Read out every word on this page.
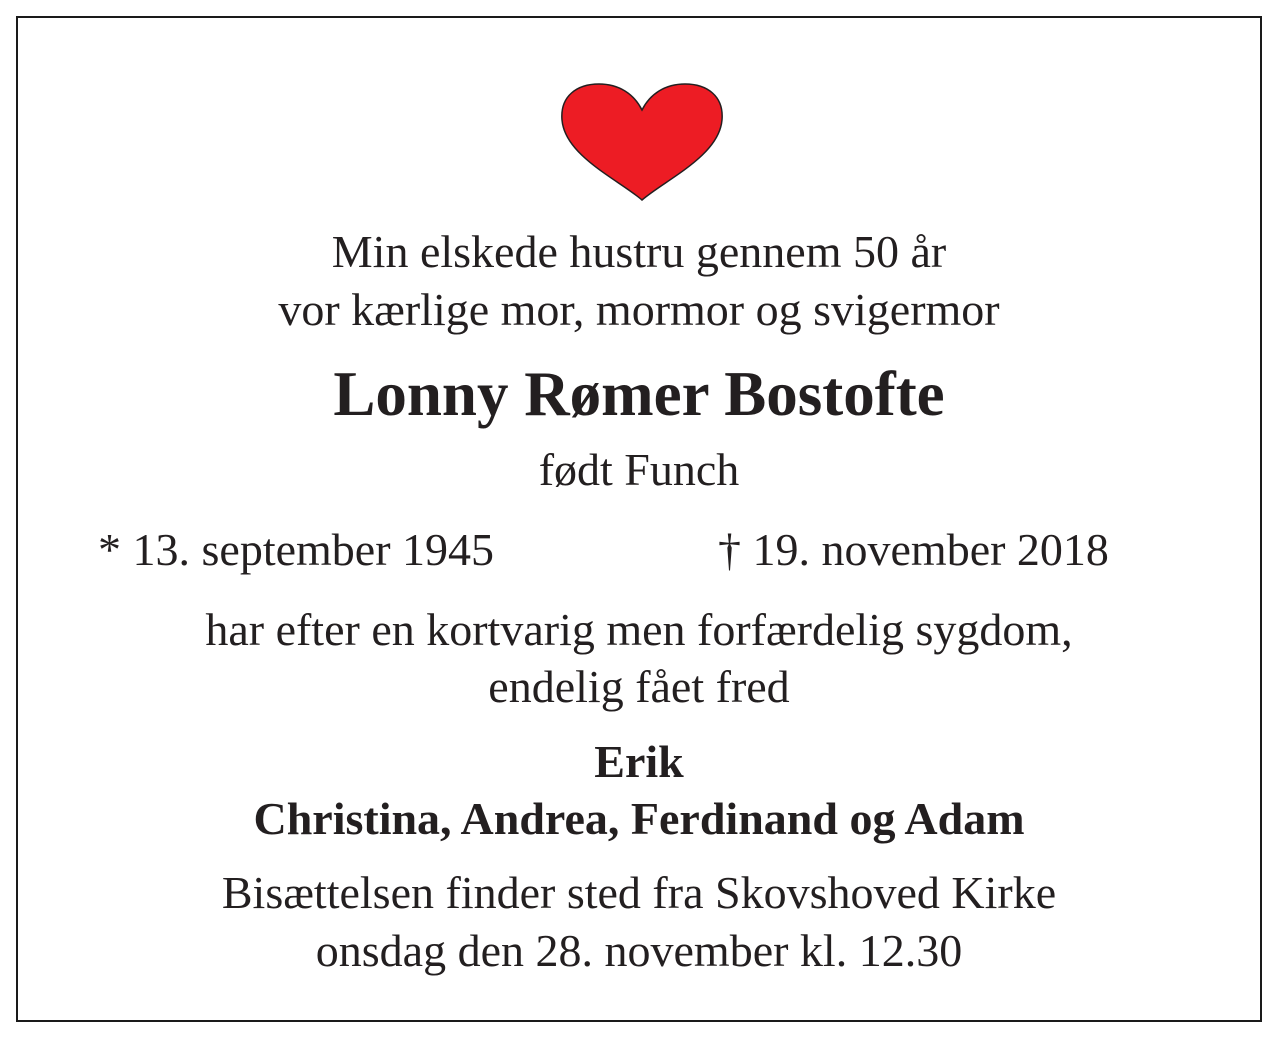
Min elskede hustru gennem 50 år
vor kærlige mor, mormor og svigermor
Lonny Rømer Bostofte
født Funch
* 13. september 1945	† 19. november 2018
har efter en kortvarig men forfærdelig sygdom,
endelig fået fred
Erik
Christina, Andrea, Ferdinand og Adam
Bisættelsen finder sted fra Skovshoved Kirke
onsdag den 28. november kl. 12.30
